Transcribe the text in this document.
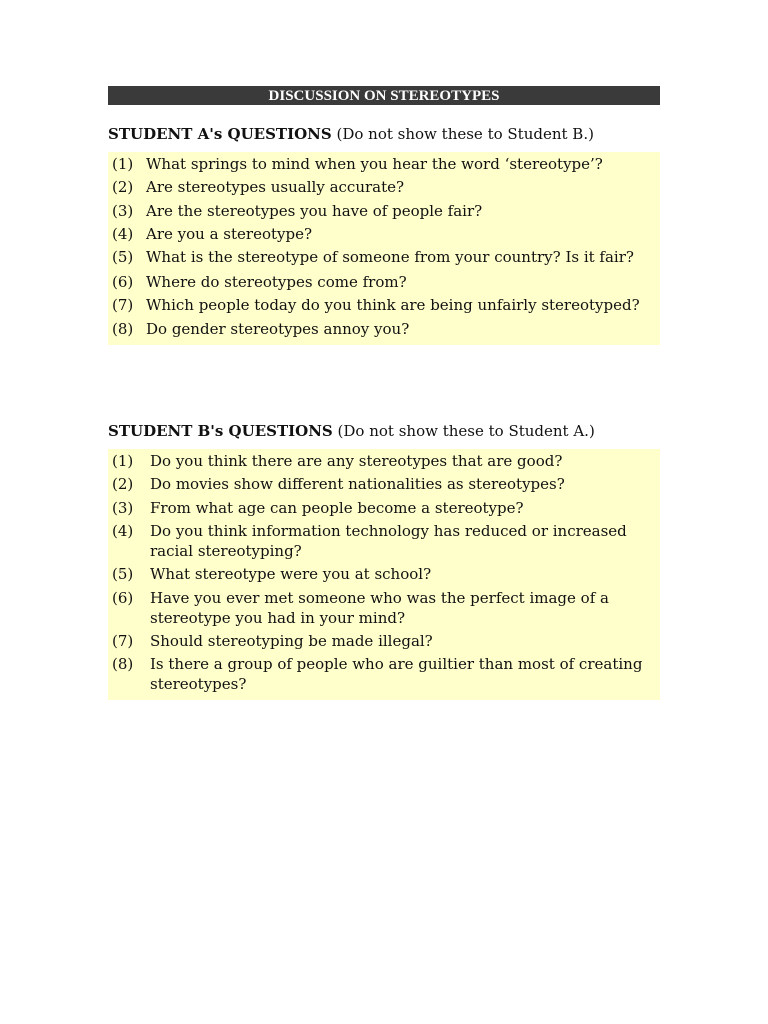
DISCUSSION ON STEREOTYPES
STUDENT A's QUESTIONS (Do not show these to Student B.)
(1) What springs to mind when you hear the word ‘stereotype’?
(2) Are stereotypes usually accurate?
(3) Are the stereotypes you have of people fair?
(4) Are you a stereotype?
(5) What is the stereotype of someone from your country? Is it fair?
(6) Where do stereotypes come from?
(7) Which people today do you think are being unfairly stereotyped?
(8) Do gender stereotypes annoy you?
STUDENT B's QUESTIONS (Do not show these to Student A.)
(1)	Do you think there are any stereotypes that are good?
(2)	Do movies show different nationalities as stereotypes?
(3)	From what age can people become a stereotype?
(4)	Do you think information technology has reduced or increased racial stereotyping?
(5)	What stereotype were you at school?
(6)	Have you ever met someone who was the perfect image of a stereotype you had in your mind?
(7)	Should stereotyping be made illegal?
(8)	Is there a group of people who are guiltier than most of creating stereotypes?
